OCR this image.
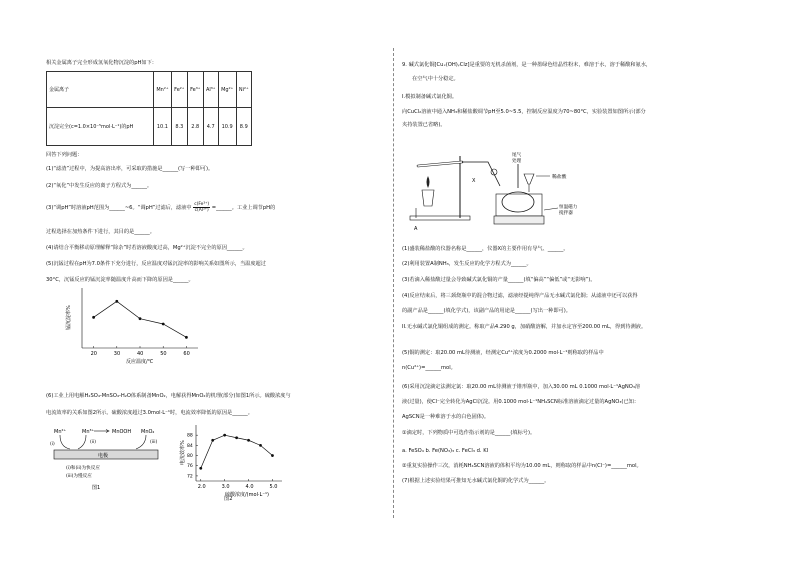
相关金属离子完全形成氢氧化物沉淀的pH如下：
金属离子	Mn²⁺	Fe²⁺	Fe³⁺	Al³⁺	Mg²⁺	Ni²⁺
沉淀完全(c=1.0×10⁻⁵mol·L⁻¹)的pH	10.1	8.3	2.8	4.7	10.9	8.9
回答下列问题：
(1)“滤渣”过程中，为提高溶出率，可采取的措施是______(写一种即可)。
(2)“氧化”中发生反应的离子方程式为______。
(3)“调pH”时溶液pH范围为______~6。“调pH”过滤后，滤液中 $\frac{\text{c(Fe³⁺)}}{\text{c(Al³⁺)}}$ =______。工业上调节pH的
过程选择在加热条件下进行，其目的是______。
(4)请结合平衡移动原理解释“除杂”时若溶液酸度过高，Mg²⁺沉淀不完全的原因______。
(5)沉锰过程在pH为7.0条件下充分进行，反应温度对锰沉淀率的影响关系如图所示，当温度超过
30°C，沉锰反应的锰沉淀率随温度升高而下降的原因是______。
20	30	40	50	60
反应温度/℃
锰沉淀率%
(6)工业上用电解H₂SO₄-MnSO₄-H₂O体系制备MnO₂，电解获得MnO₂的机理(部分)如图1所示。硫酸浓度与
电流效率的关系如图2所示。硫酸浓度超过3.0mol·L⁻¹时，电流效率降低的原因是______。
Mn²⁺	Mn³⁺	MnOOH MnO₂
(i)	(ii)	(iii)
电极
(i)和(ii)为快反应
(iii)为慢反应
图1	2.0	3.0	4.0	5.0
72
76
80
84
88
硫酸浓度/(mol·L⁻¹)
电流效率%
图2
9. 碱式氯化铜[Cuₓ(OH)ᵧClz]是重要的无机杀菌剂，是一种墨绿色结晶性粉末，难溶于水，溶于稀酸和氨水，
在空气中十分稳定。
I.模拟制备碱式氯化铜。
向CuCl₂溶液中通入NH₃和稀盐酸调节pH至5.0~5.5，控制反应温度为70~80°C，实验装置如图所示(部分
夹持装置已省略)。
A
X
尾气
处理
稀盐酸
恒温磁力
搅拌器
(1)盛装稀盐酸的仪器名称是______，仪器X的主要作用有导气、______。
(2)利用装置A制NH₃，发生反应的化学方程式为______。
(3)若滴入稀盐酸过量会导致碱式氯化铜的产量______(填“偏高”“偏低”或“无影响”)。
(4)反应结束后，将三颈烧瓶中的混合物过滤，滤液经提纯得产品无水碱式氯化铜；从滤液中还可以获得
的副产品是______(填化学式)，该副产品的用途是______(写出一种即可)。
II.无水碱式氯化铜组成的测定。称取产品4.290 g，加硝酸溶解，并加水定容至200.00 mL，得到待测液。
(5)铜的测定：取20.00 mL待测液，经测定Cu²⁺浓度为0.2000 mol·L⁻¹则称取的样品中
n(Cu²⁺)=______mol。
(6)采用沉淀滴定法测定氯：取20.00 mL待测液于锥形瓶中，加入30.00 mL 0.1000 mol·L⁻¹AgNO₃溶
液(过量)，使Cl⁻完全转化为AgCl沉淀。用0.1000 mol·L⁻¹NH₄SCN标准溶液滴定过量的AgNO₃(已知：
AgSCN是一种难溶于水的白色固体)。
①滴定时，下列物质中可选作指示剂的是______(填标号)。
a. FeSO₄ b. Fe(NO₃)₃ c. FeCl₃ d. KI
②重复实验操作三次，消耗NH₄SCN溶液的体积平均为10.00 mL，则称取的样品中n(Cl⁻)=______mol。
(7)根据上述实验结果可推知无水碱式氯化铜的化学式为______。
